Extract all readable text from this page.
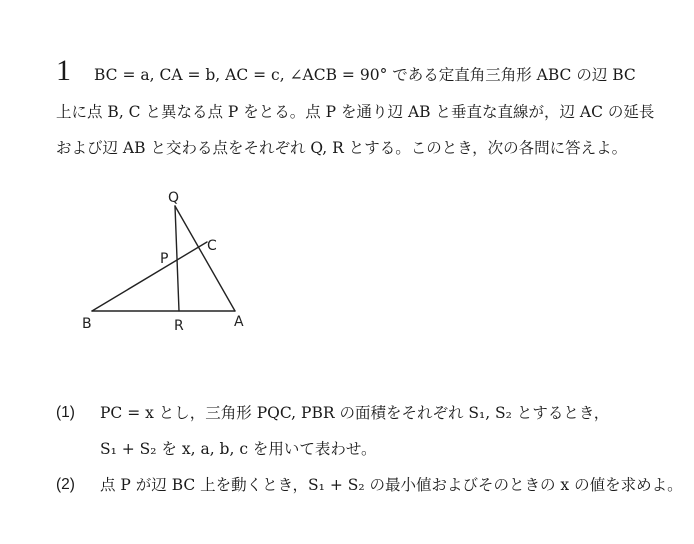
1 BC = a, CA = b, AC = c, ∠ACB = 90° である定直角三角形 ABC の辺 BC
上に点 B, C と異なる点 P をとる。点 P を通り辺 AB と垂直な直線が，辺 AC の延長
および辺 AB と交わる点をそれぞれ Q, R とする。このとき，次の各問に答えよ。
Q
C
P
B	R	A
(1) PC = x とし，三角形 PQC, PBR の面積をそれぞれ S₁, S₂ とするとき，
S₁ + S₂ を x, a, b, c を用いて表わせ。
(2) 点 P が辺 BC 上を動くとき，S₁ + S₂ の最小値およびそのときの x の値を求めよ。
